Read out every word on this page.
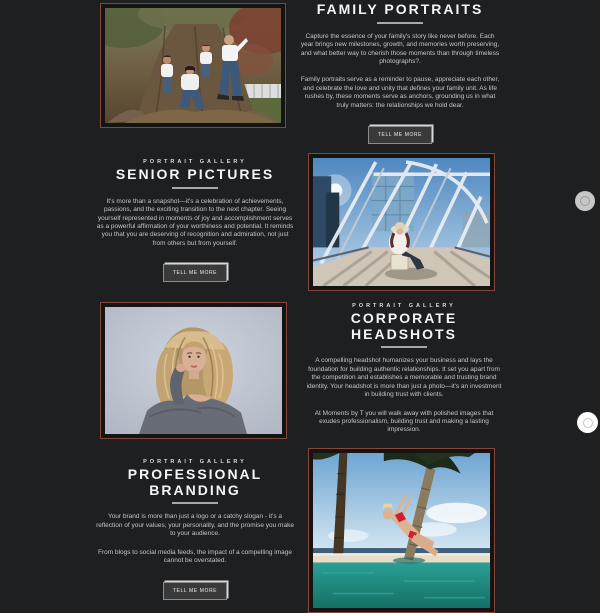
FAMILY PORTRAITS

Capture the essence of your family's story like never before. Each year brings new milestones, growth, and memories worth preserving, and what better way to cherish those moments than through timeless photographs?.

Family portraits serve as a reminder to pause, appreciate each other, and celebrate the love and unity that defines your family unit. As life rushes by, these moments serve as anchors, grounding us in what truly matters: the relationships we hold dear.

TELL ME MORE
PORTRAIT GALLERY
SENIOR PICTURES

It's more than a snapshot—it's a celebration of achievements, passions, and the exciting transition to the next chapter. Seeing yourself represented in moments of joy and accomplishment serves as a powerful affirmation of your worthiness and potential. It reminds you that you are deserving of recognition and admiration, not just from others but from yourself.

TELL ME MORE
PORTRAIT GALLERY
CORPORATE HEADSHOTS

A compelling headshot humanizes your business and lays the foundation for building authentic relationships. It set you apart from the competition and establishes a memorable and trusting brand identity. Your headshot is more than just a photo—it's an investment in building trust with clients.

At Moments by T you will walk away with polished images that exudes professionalism, building trust and making a lasting impression.

PORTRAIT GALLERY
PROFESSIONAL BRANDING

Your brand is more than just a logo or a catchy slogan - it's a reflection of your values, your personality, and the promise you make to your audience.

From blogs to social media feeds, the impact of a compelling image cannot be overstated.

TELL ME MORE
